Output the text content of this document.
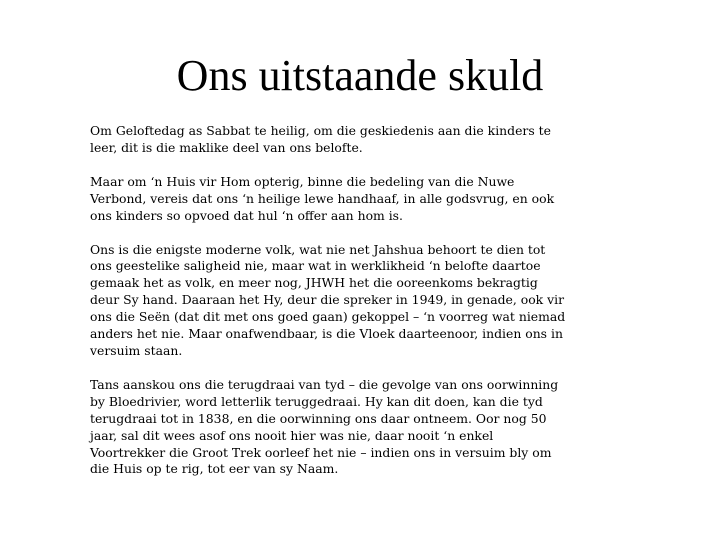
Ons uitstaande skuld

Om Geloftedag as Sabbat te heilig, om die geskiedenis aan die kinders te
leer, dit is die maklike deel van ons belofte.

Maar om ‘n Huis vir Hom opterig, binne die bedeling van die Nuwe
Verbond, vereis dat ons ‘n heilige lewe handhaaf, in alle godsvrug, en ook
ons kinders so opvoed dat hul ‘n offer aan hom is.

Ons is die enigste moderne volk, wat nie net Jahshua behoort te dien tot
ons geestelike saligheid nie, maar wat in werklikheid ‘n belofte daartoe
gemaak het as volk, en meer nog, JHWH het die ooreenkoms bekragtig
deur Sy hand. Daaraan het Hy, deur die spreker in 1949, in genade, ook vir
ons die Seën (dat dit met ons goed gaan) gekoppel – ‘n voorreg wat niemad
anders het nie. Maar onafwendbaar, is die Vloek daarteenoor, indien ons in
versuim staan.

Tans aanskou ons die terugdraai van tyd – die gevolge van ons oorwinning
by Bloedrivier, word letterlik teruggedraai. Hy kan dit doen, kan die tyd
terugdraai tot in 1838, en die oorwinning ons daar ontneem. Oor nog 50
jaar, sal dit wees asof ons nooit hier was nie, daar nooit ‘n enkel
Voortrekker die Groot Trek oorleef het nie – indien ons in versuim bly om
die Huis op te rig, tot eer van sy Naam.
